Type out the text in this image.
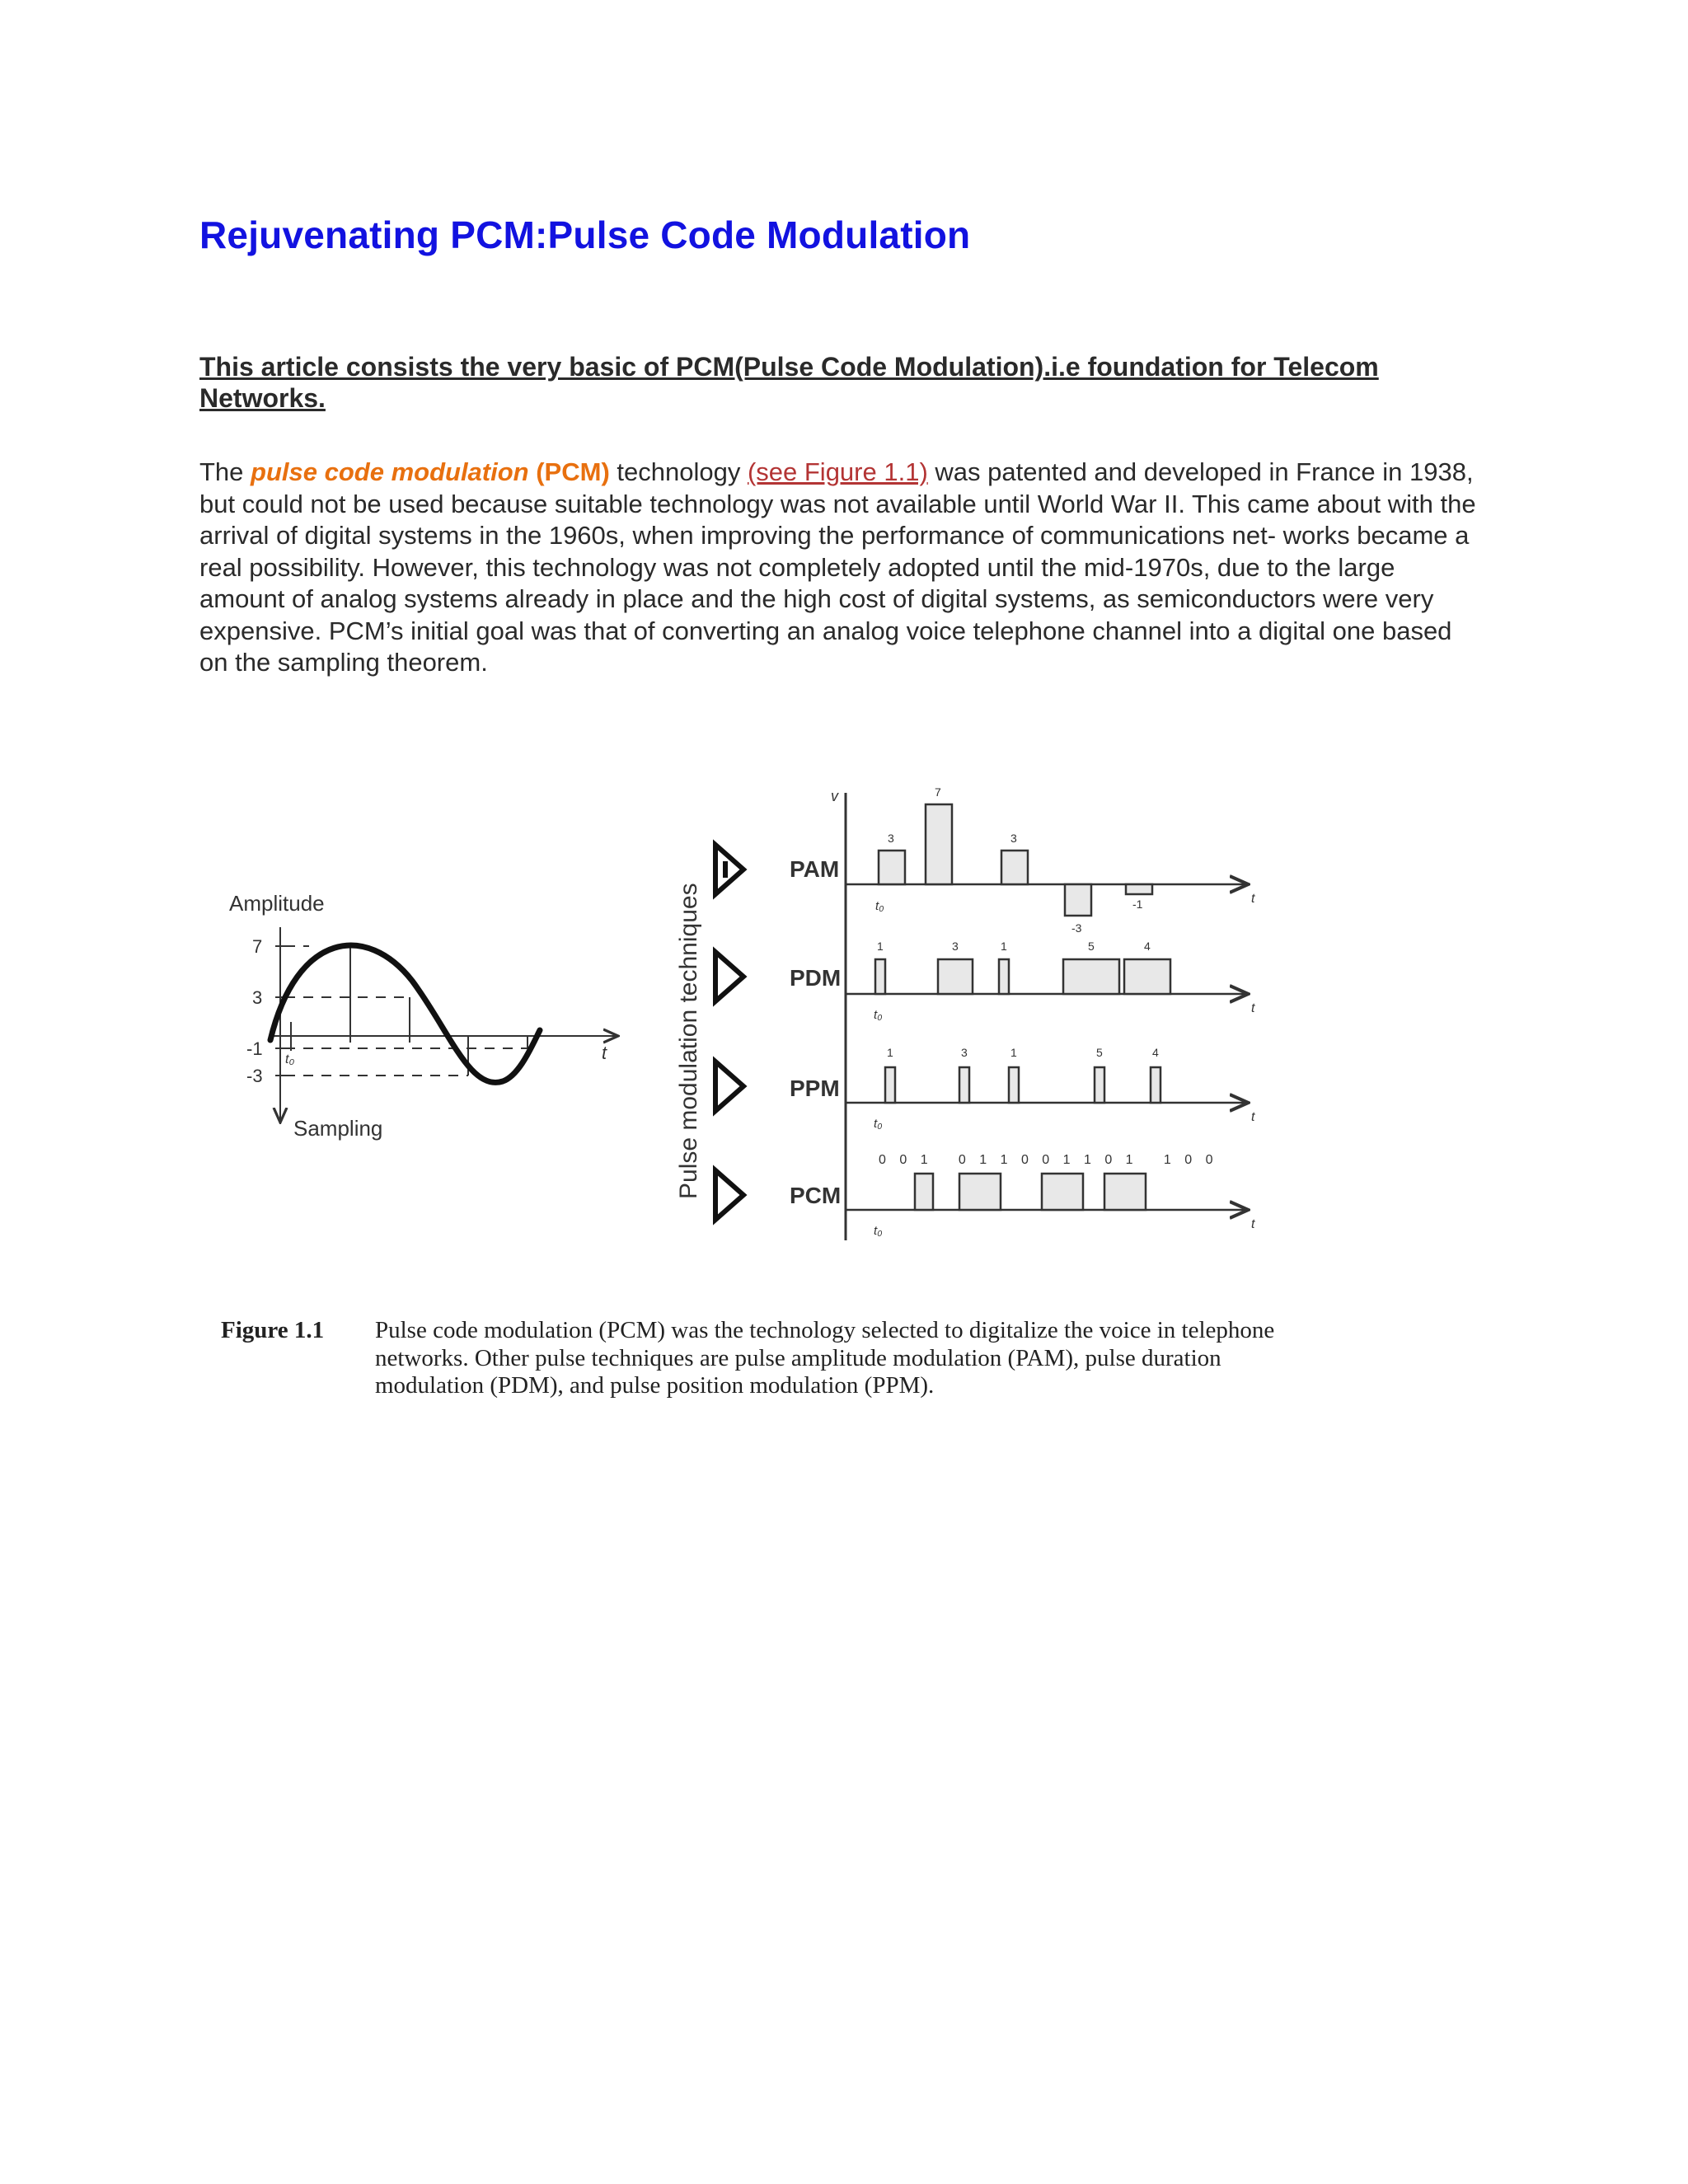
Rejuvenating PCM:Pulse Code Modulation
This article consists the very basic of PCM(Pulse Code Modulation).i.e foundation for Telecom Networks.
The pulse code modulation (PCM) technology (see Figure 1.1) was patented and developed in France in 1938, but could not be used because suitable technology was not available until World War II. This came about with the arrival of digital systems in the 1960s, when improving the performance of communications net- works became a real possibility. However, this technology was not completely adopted until the mid-1970s, due to the large amount of analog systems already in place and the high cost of digital systems, as semiconductors were very expensive. PCM’s initial goal was that of converting an analog voice telephone channel into a digital one based on the sampling theorem.
Amplitude
t
7
3
-1
-3
t₀
Sampling	Pulse modulation techniques
PAM
PDM
PPM
PCM
v
t
3
7
3
-3
-1
t₀
t
1	3	1	5	4
t₀
t
1	3	1	5	4
t₀
t
0 0 1   0 1 1 0 0 1 1 0 1   1 0 0
t₀
Figure 1.1 Pulse code modulation (PCM) was the technology selected to digitalize the voice in telephone networks. Other pulse techniques are pulse amplitude modulation (PAM), pulse duration modulation (PDM), and pulse position modulation (PPM).
